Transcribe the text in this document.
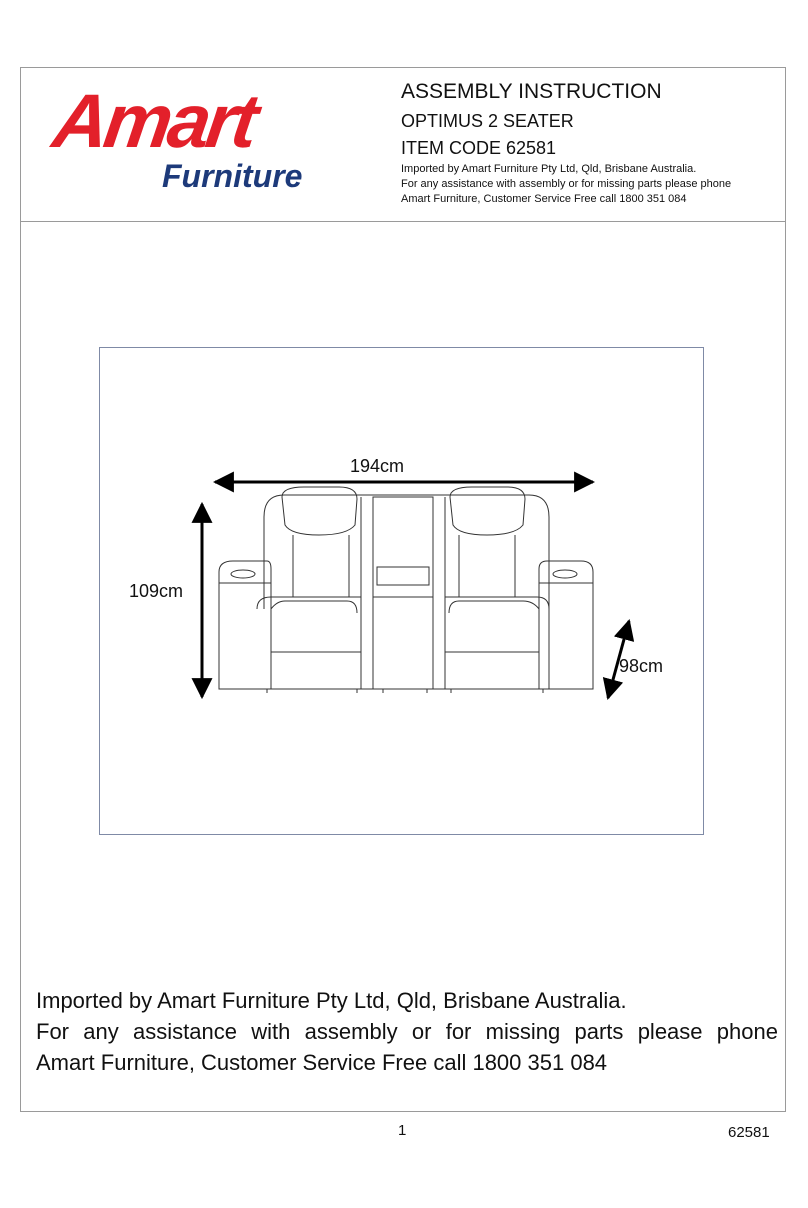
Amart
Furniture
ASSEMBLY INSTRUCTION
OPTIMUS 2 SEATER
ITEM CODE 62581
Imported by Amart Furniture Pty Ltd, Qld, Brisbane Australia.
For any assistance with assembly or for missing parts please phone
Amart Furniture, Customer Service Free call 1800 351 084
194cm
109cm
98cm
Imported by Amart Furniture Pty Ltd, Qld, Brisbane Australia.
For any assistance with assembly or for missing parts please phone
Amart Furniture, Customer Service Free call 1800 351 084
1	62581
